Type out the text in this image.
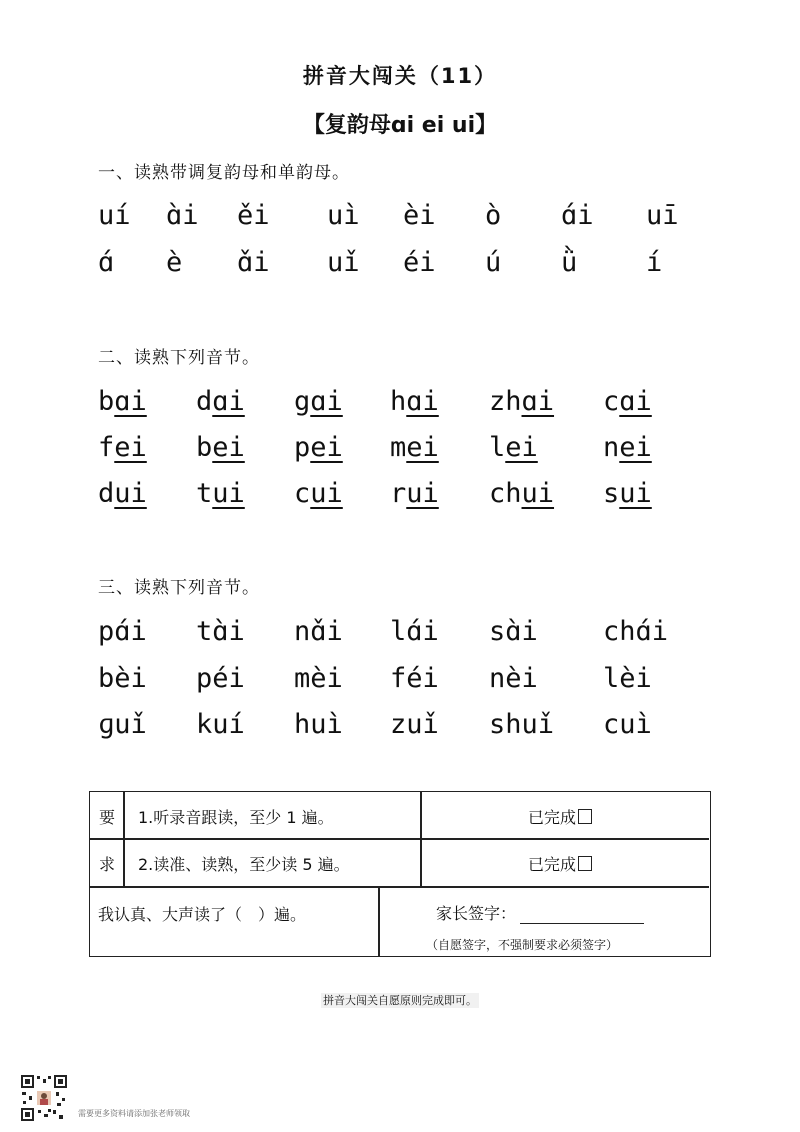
拼音大闯关（11）
【复韵母ɑi ei ui】
一、读熟带调复韵母和单韵母。
uí ɑ̀i ěi uì èi ò ɑ́i uī
ɑ́ è ɑ̌i uǐ éi ú ǜ	í
二、读熟下列音节。
bɑi dɑi gɑi hɑi zhɑi cɑi
fei bei pei mei lei nei
dui tui cui rui chui sui
三、读熟下列音节。
pɑ́i tɑ̀i nɑ̌i lɑ́i sɑ̀i chɑ́i
bèi péi mèi féi nèi lèi
ɡuǐ kuí huì zuǐ shuǐ cuì
要
求
1.听录音跟读，至少 1 遍。
2.读准、读熟，至少读 5 遍。
已完成
已完成
我认真、大声读了（　）遍。	家长签字：
（自愿签字，不强制要求必须签字）
拼音大闯关自愿原则完成即可。
需要更多资料请添加张老师领取
